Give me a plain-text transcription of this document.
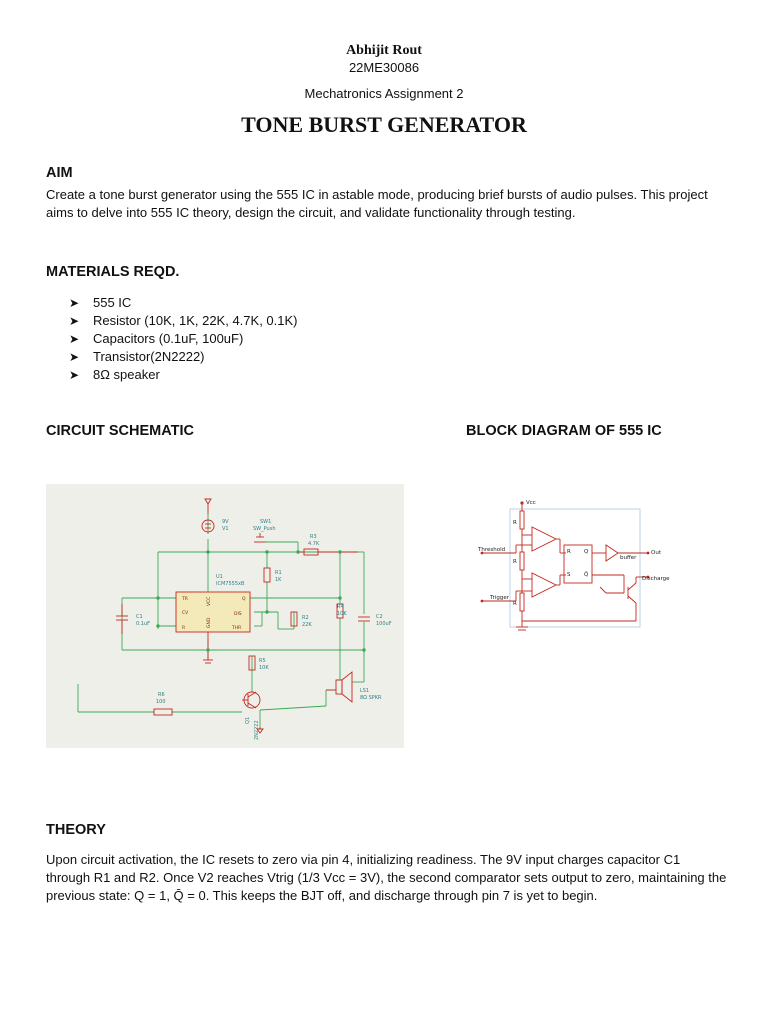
Abhijit Rout
22ME30086
Mechatronics Assignment 2
TONE BURST GENERATOR
AIM
Create a tone burst generator using the 555 IC in astable mode, producing brief bursts of audio pulses. This project
aims to delve into 555 IC theory, design the circuit, and validate functionality through testing.
MATERIALS REQD.
➤ 555 IC
➤ Resistor (10K, 1K, 22K, 4.7K, 0.1K)
➤ Capacitors (0.1uF, 100uF)
➤ Transistor(2N2222)
➤ 8Ω speaker
CIRCUIT SCHEMATIC	BLOCK DIAGRAM OF 555 IC
9V
V1
SW1
SW_Push
R3
4.7K
R1
1K
R2
22K
R4
10K
R5
10K
R6
100
C1
0.1uF
C2
100uF
U1
ICM7555xB
LS1
8Ω SPKR
Q1 2N2222
TR
CV
R
DIS
THR
Q
VCC
GND
Vcc
Threshold
Trigger
R
R
R
R
S
Q
Q̄
buffer
Out
Discharge
THEORY
Upon circuit activation, the IC resets to zero via pin 4, initializing readiness. The 9V input charges capacitor C1
through R1 and R2. Once V2 reaches Vtrig (1/3 Vcc = 3V), the second comparator sets output to zero, maintaining the
previous state: Q = 1, Q̄ = 0. This keeps the BJT off, and discharge through pin 7 is yet to begin.
